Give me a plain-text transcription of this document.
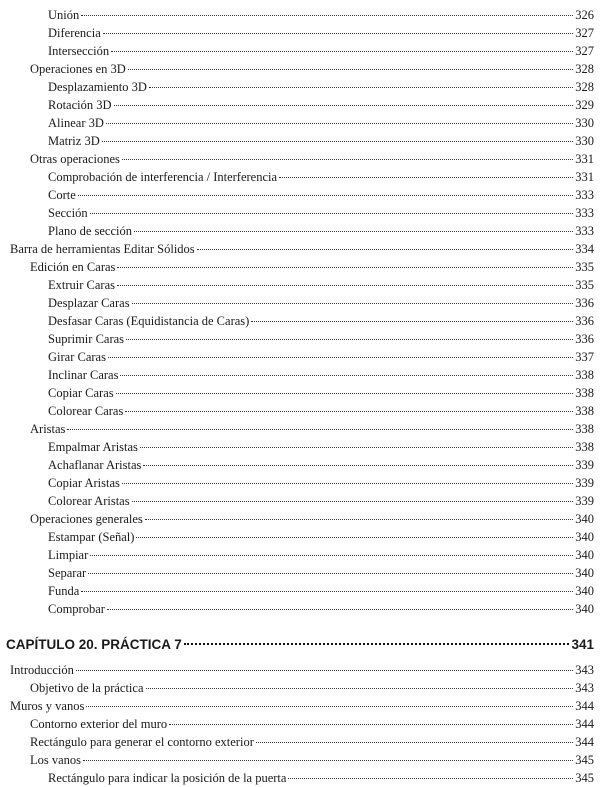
Unión	326
Diferencia	327
Intersección	327
Operaciones en 3D	328
Desplazamiento 3D	328
Rotación 3D	329
Alinear 3D	330
Matriz 3D	330
Otras operaciones	331
Comprobación de interferencia / Interferencia	331
Corte	333
Sección	333
Plano de sección	333
Barra de herramientas Editar Sólidos	334
Edición en Caras	335
Extruir Caras	335
Desplazar Caras	336
Desfasar Caras (Equidistancia de Caras)	336
Suprimir Caras	336
Girar Caras	337
Inclinar Caras	338
Copiar Caras	338
Colorear Caras	338
Aristas	338
Empalmar Aristas	338
Achaflanar Aristas	339
Copiar Aristas	339
Colorear Aristas	339
Operaciones generales	340
Estampar (Señal)	340
Limpiar	340
Separar	340
Funda	340
Comprobar	340
CAPÍTULO 20. PRÁCTICA 7	341
Introducción	343
Objetivo de la práctica	343
Muros y vanos	344
Contorno exterior del muro	344
Rectángulo para generar el contorno exterior	344
Los vanos	345
Rectángulo para indicar la posición de la puerta	345
